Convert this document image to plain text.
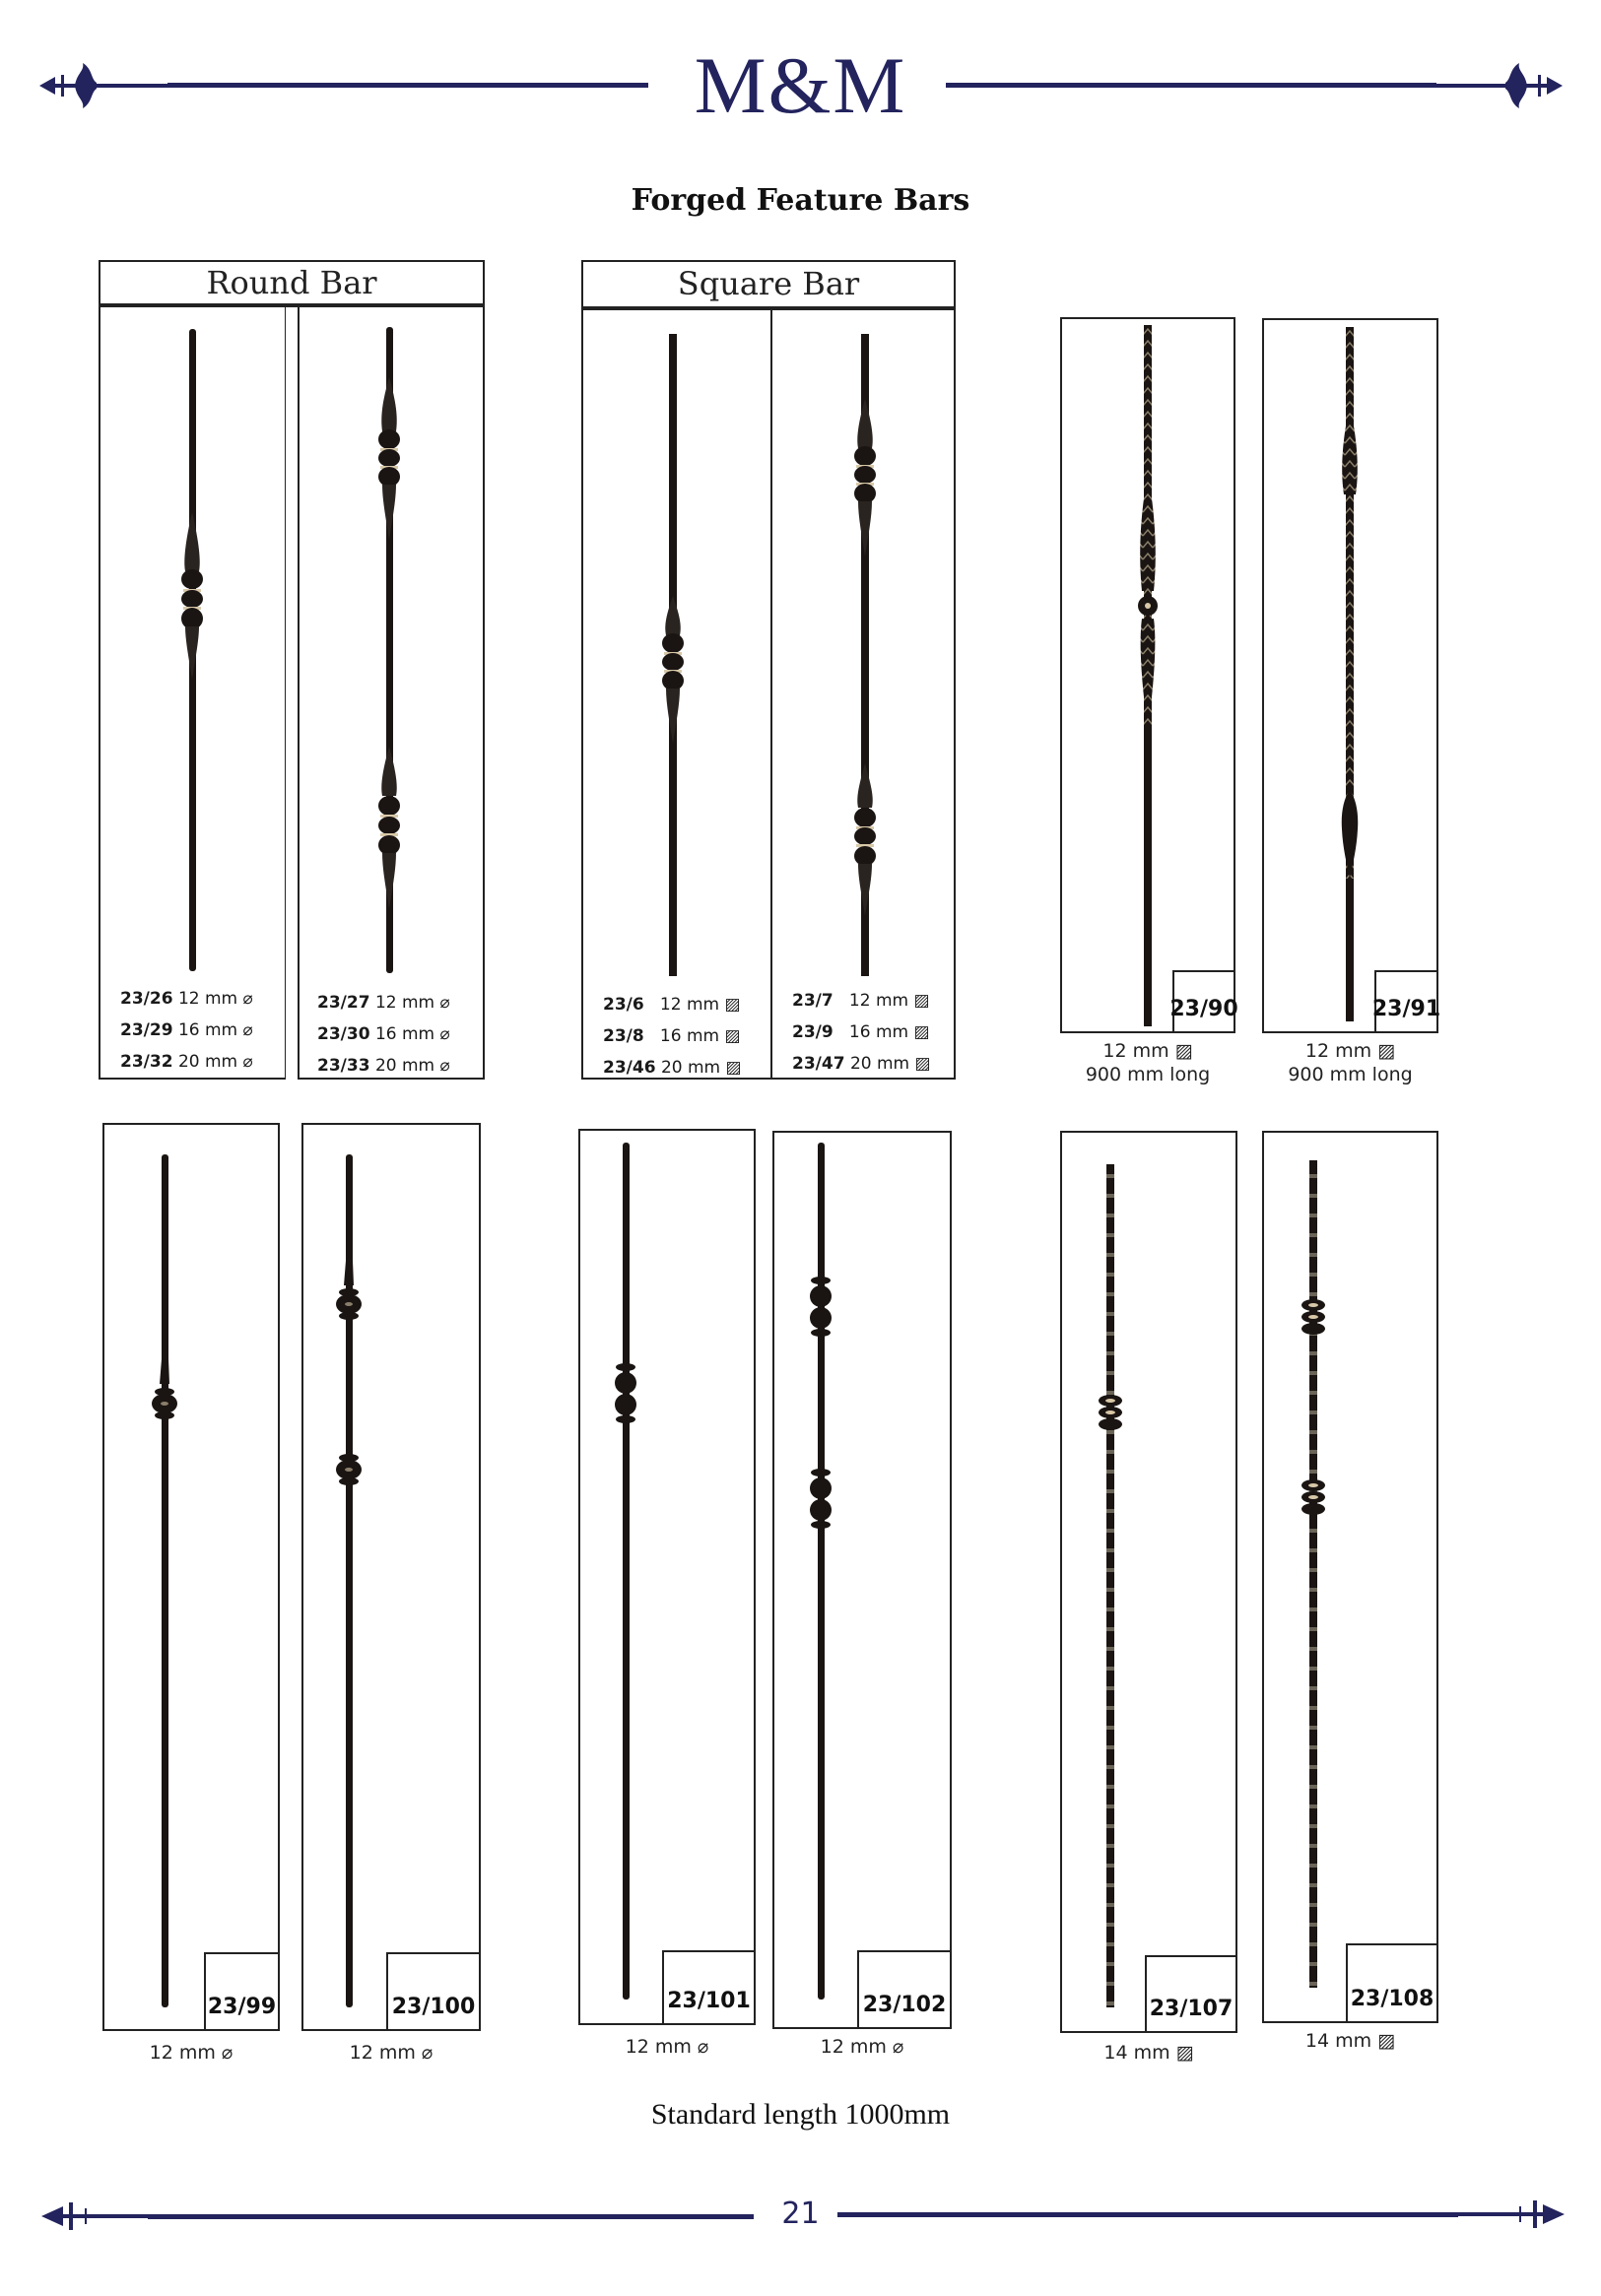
M&M
Forged Feature Bars
Round Bar
23/26 12 mm ⌀
23/29 16 mm ⌀
23/32 20 mm ⌀
23/27 12 mm ⌀
23/30 16 mm ⌀
23/33 20 mm ⌀
Square Bar
23/6 12 mm ▨
23/8 16 mm ▨
23/46 20 mm ▨
23/7 12 mm ▨
23/9 16 mm ▨
23/47 20 mm ▨
23/90	23/91
12 mm ▨
900 mm long
12 mm ▨
900 mm long
23/99
12 mm ⌀
23/100
12 mm ⌀
23/101
12 mm ⌀
23/102
12 mm ⌀
23/107
14 mm ▨
23/108
14 mm ▨
Standard length 1000mm
21
